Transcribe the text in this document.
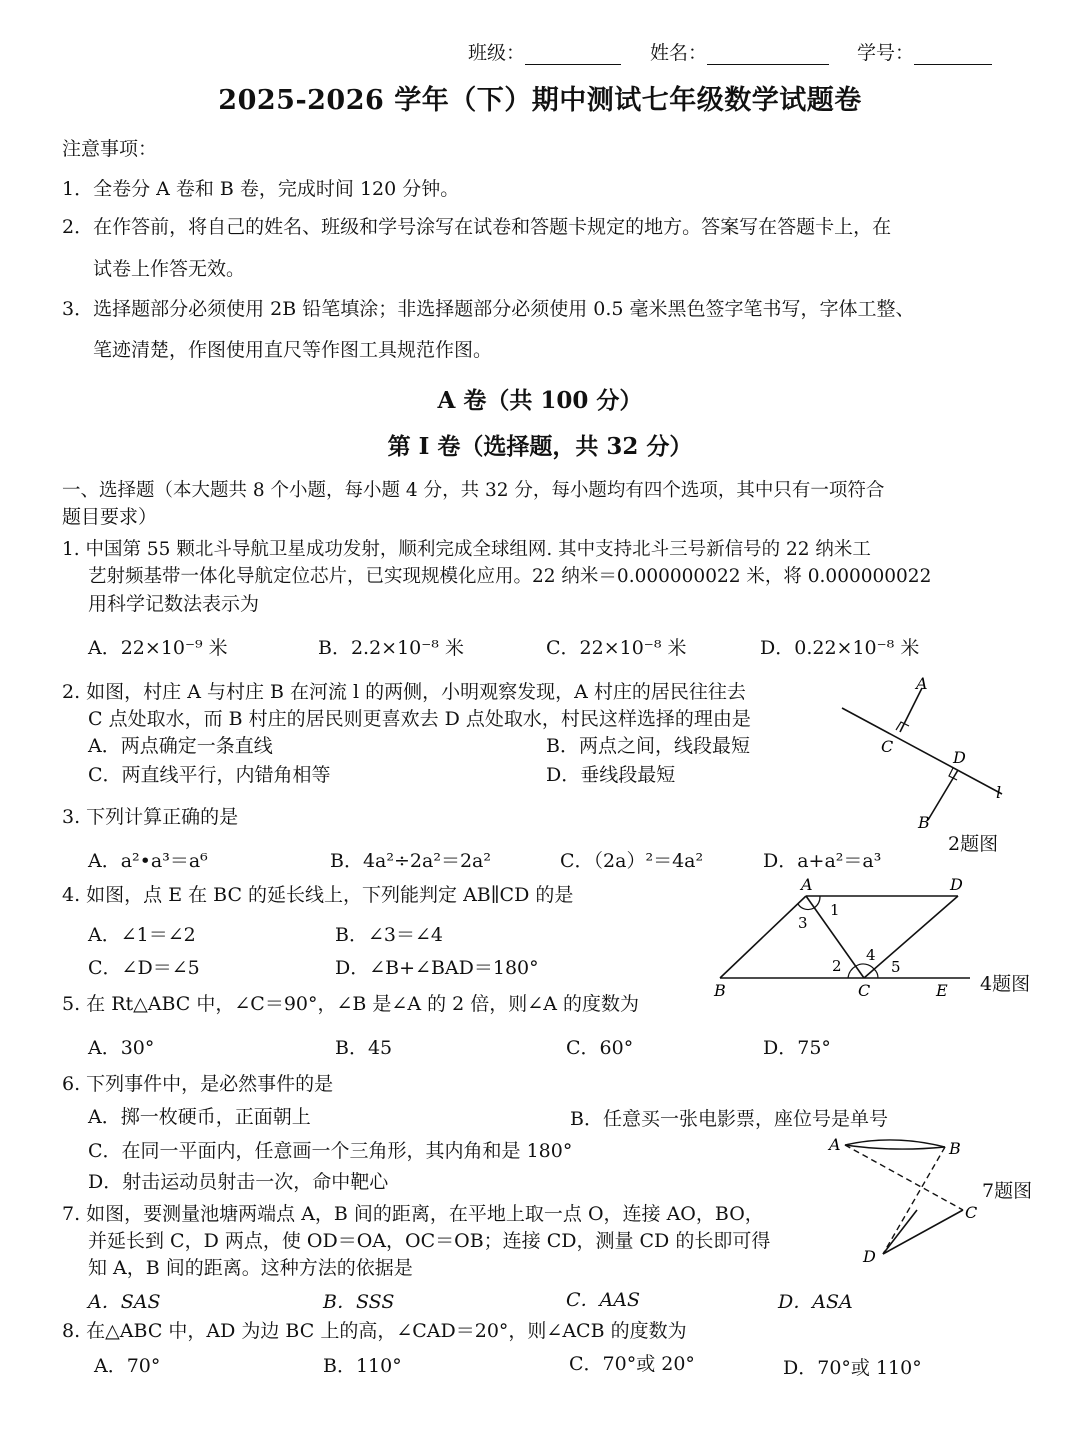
班级：	姓名：	学号：
2025-2026 学年（下）期中测试七年级数学试题卷
注意事项：
1．全卷分 A 卷和 B 卷，完成时间 120 分钟。
2．在作答前，将自己的姓名、班级和学号涂写在试卷和答题卡规定的地方。答案写在答题卡上，在
试卷上作答无效。
3．选择题部分必须使用 2B 铅笔填涂；非选择题部分必须使用 0.5 毫米黑色签字笔书写，字体工整、
笔迹清楚，作图使用直尺等作图工具规范作图。
A 卷（共 100 分）
第 I 卷（选择题，共 32 分）
一、选择题（本大题共 8 个小题，每小题 4 分，共 32 分，每小题均有四个选项，其中只有一项符合
题目要求）
1. 中国第 55 颗北斗导航卫星成功发射，顺利完成全球组网. 其中支持北斗三号新信号的 22 纳米工
艺射频基带一体化导航定位芯片，已实现规模化应用。22 纳米＝0.000000022 米，将 0.000000022
用科学记数法表示为
A．22×10⁻⁹ 米	B．2.2×10⁻⁸ 米	C．22×10⁻⁸ 米	D．0.22×10⁻⁸ 米
2. 如图，村庄 A 与村庄 B 在河流 l 的两侧，小明观察发现，A 村庄的居民往往去
C 点处取水，而 B 村庄的居民则更喜欢去 D 点处取水，村民这样选择的理由是
A．两点确定一条直线	B．两点之间，线段最短
C．两直线平行，内错角相等	D．垂线段最短
A
C
D
l
B
2题图
3. 下列计算正确的是
A．a²•a³＝a⁶	B．4a²÷2a²＝2a²	C．（2a）²＝4a²	D．a+a²＝a³
4. 如图，点 E 在 BC 的延长线上，下列能判定 AB∥CD 的是
A．∠1＝∠2	B．∠3＝∠4
C．∠D＝∠5	D．∠B+∠BAD＝180°
A	D
1
3
4
2	5
B	C	E 4题图
5. 在 Rt△ABC 中，∠C＝90°，∠B 是∠A 的 2 倍，则∠A 的度数为
A．30°	B．45	C．60°	D．75°
6. 下列事件中，是必然事件的是
A．掷一枚硬币，正面朝上	B．任意买一张电影票，座位号是单号
C．在同一平面内，任意画一个三角形，其内角和是 180°
D．射击运动员射击一次，命中靶心
A	B
C
D
7题图
7. 如图，要测量池塘两端点 A，B 间的距离，在平地上取一点 O，连接 AO，BO，
并延长到 C，D 两点，使 OD＝OA，OC＝OB；连接 CD，测量 CD 的长即可得
知 A，B 间的距离。这种方法的依据是
A．SAS	B．SSS	C．AAS	D．ASA
8. 在△ABC 中，AD 为边 BC 上的高，∠CAD＝20°，则∠ACB 的度数为
A．70°	B．110°	C．70°或 20°	D．70°或 110°
